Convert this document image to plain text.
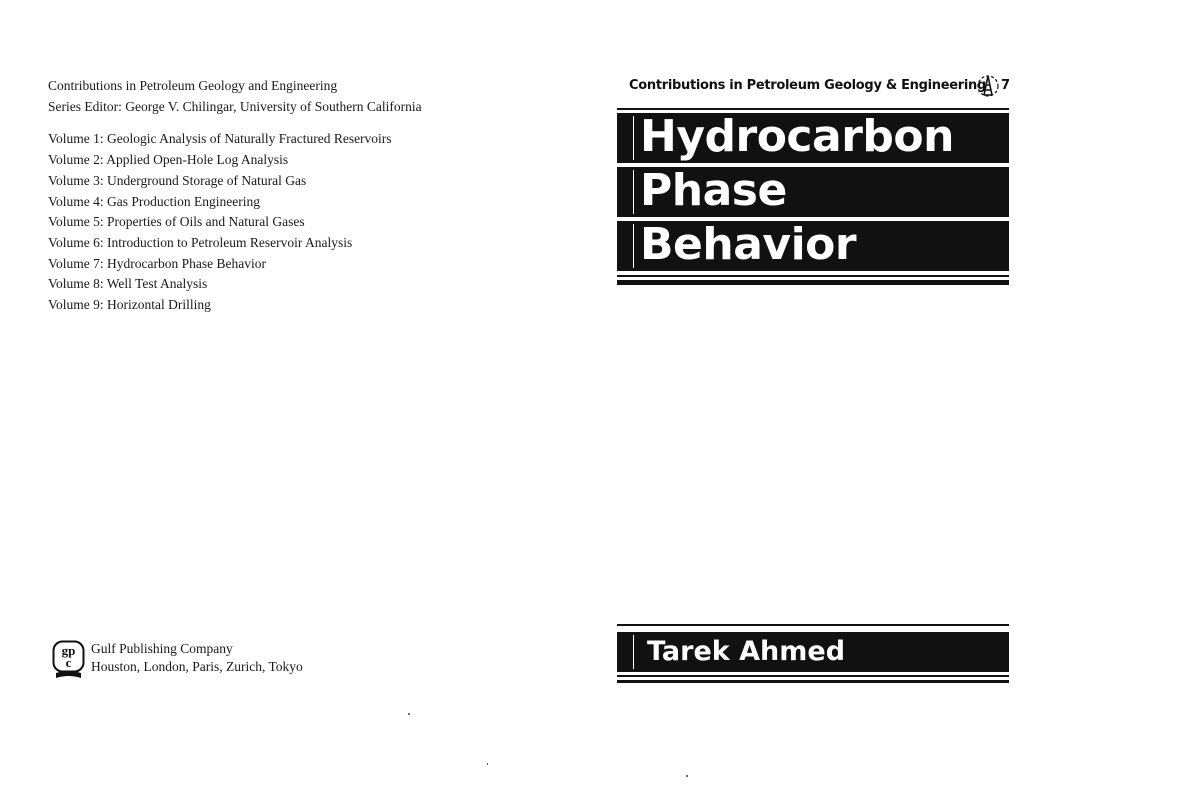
Contributions in Petroleum Geology and Engineering
Series Editor: George V. Chilingar, University of Southern California
Volume 1: Geologic Analysis of Naturally Fractured Reservoirs
Volume 2: Applied Open-Hole Log Analysis
Volume 3: Underground Storage of Natural Gas
Volume 4: Gas Production Engineering
Volume 5: Properties of Oils and Natural Gases
Volume 6: Introduction to Petroleum Reservoir Analysis
Volume 7: Hydrocarbon Phase Behavior
Volume 8: Well Test Analysis
Volume 9: Horizontal Drilling
gp
c
Gulf Publishing Company
Houston, London, Paris, Zurich, Tokyo
Contributions in Petroleum Geology & Engineering 7
Hydrocarbon
Phase
Behavior
Tarek Ahmed
